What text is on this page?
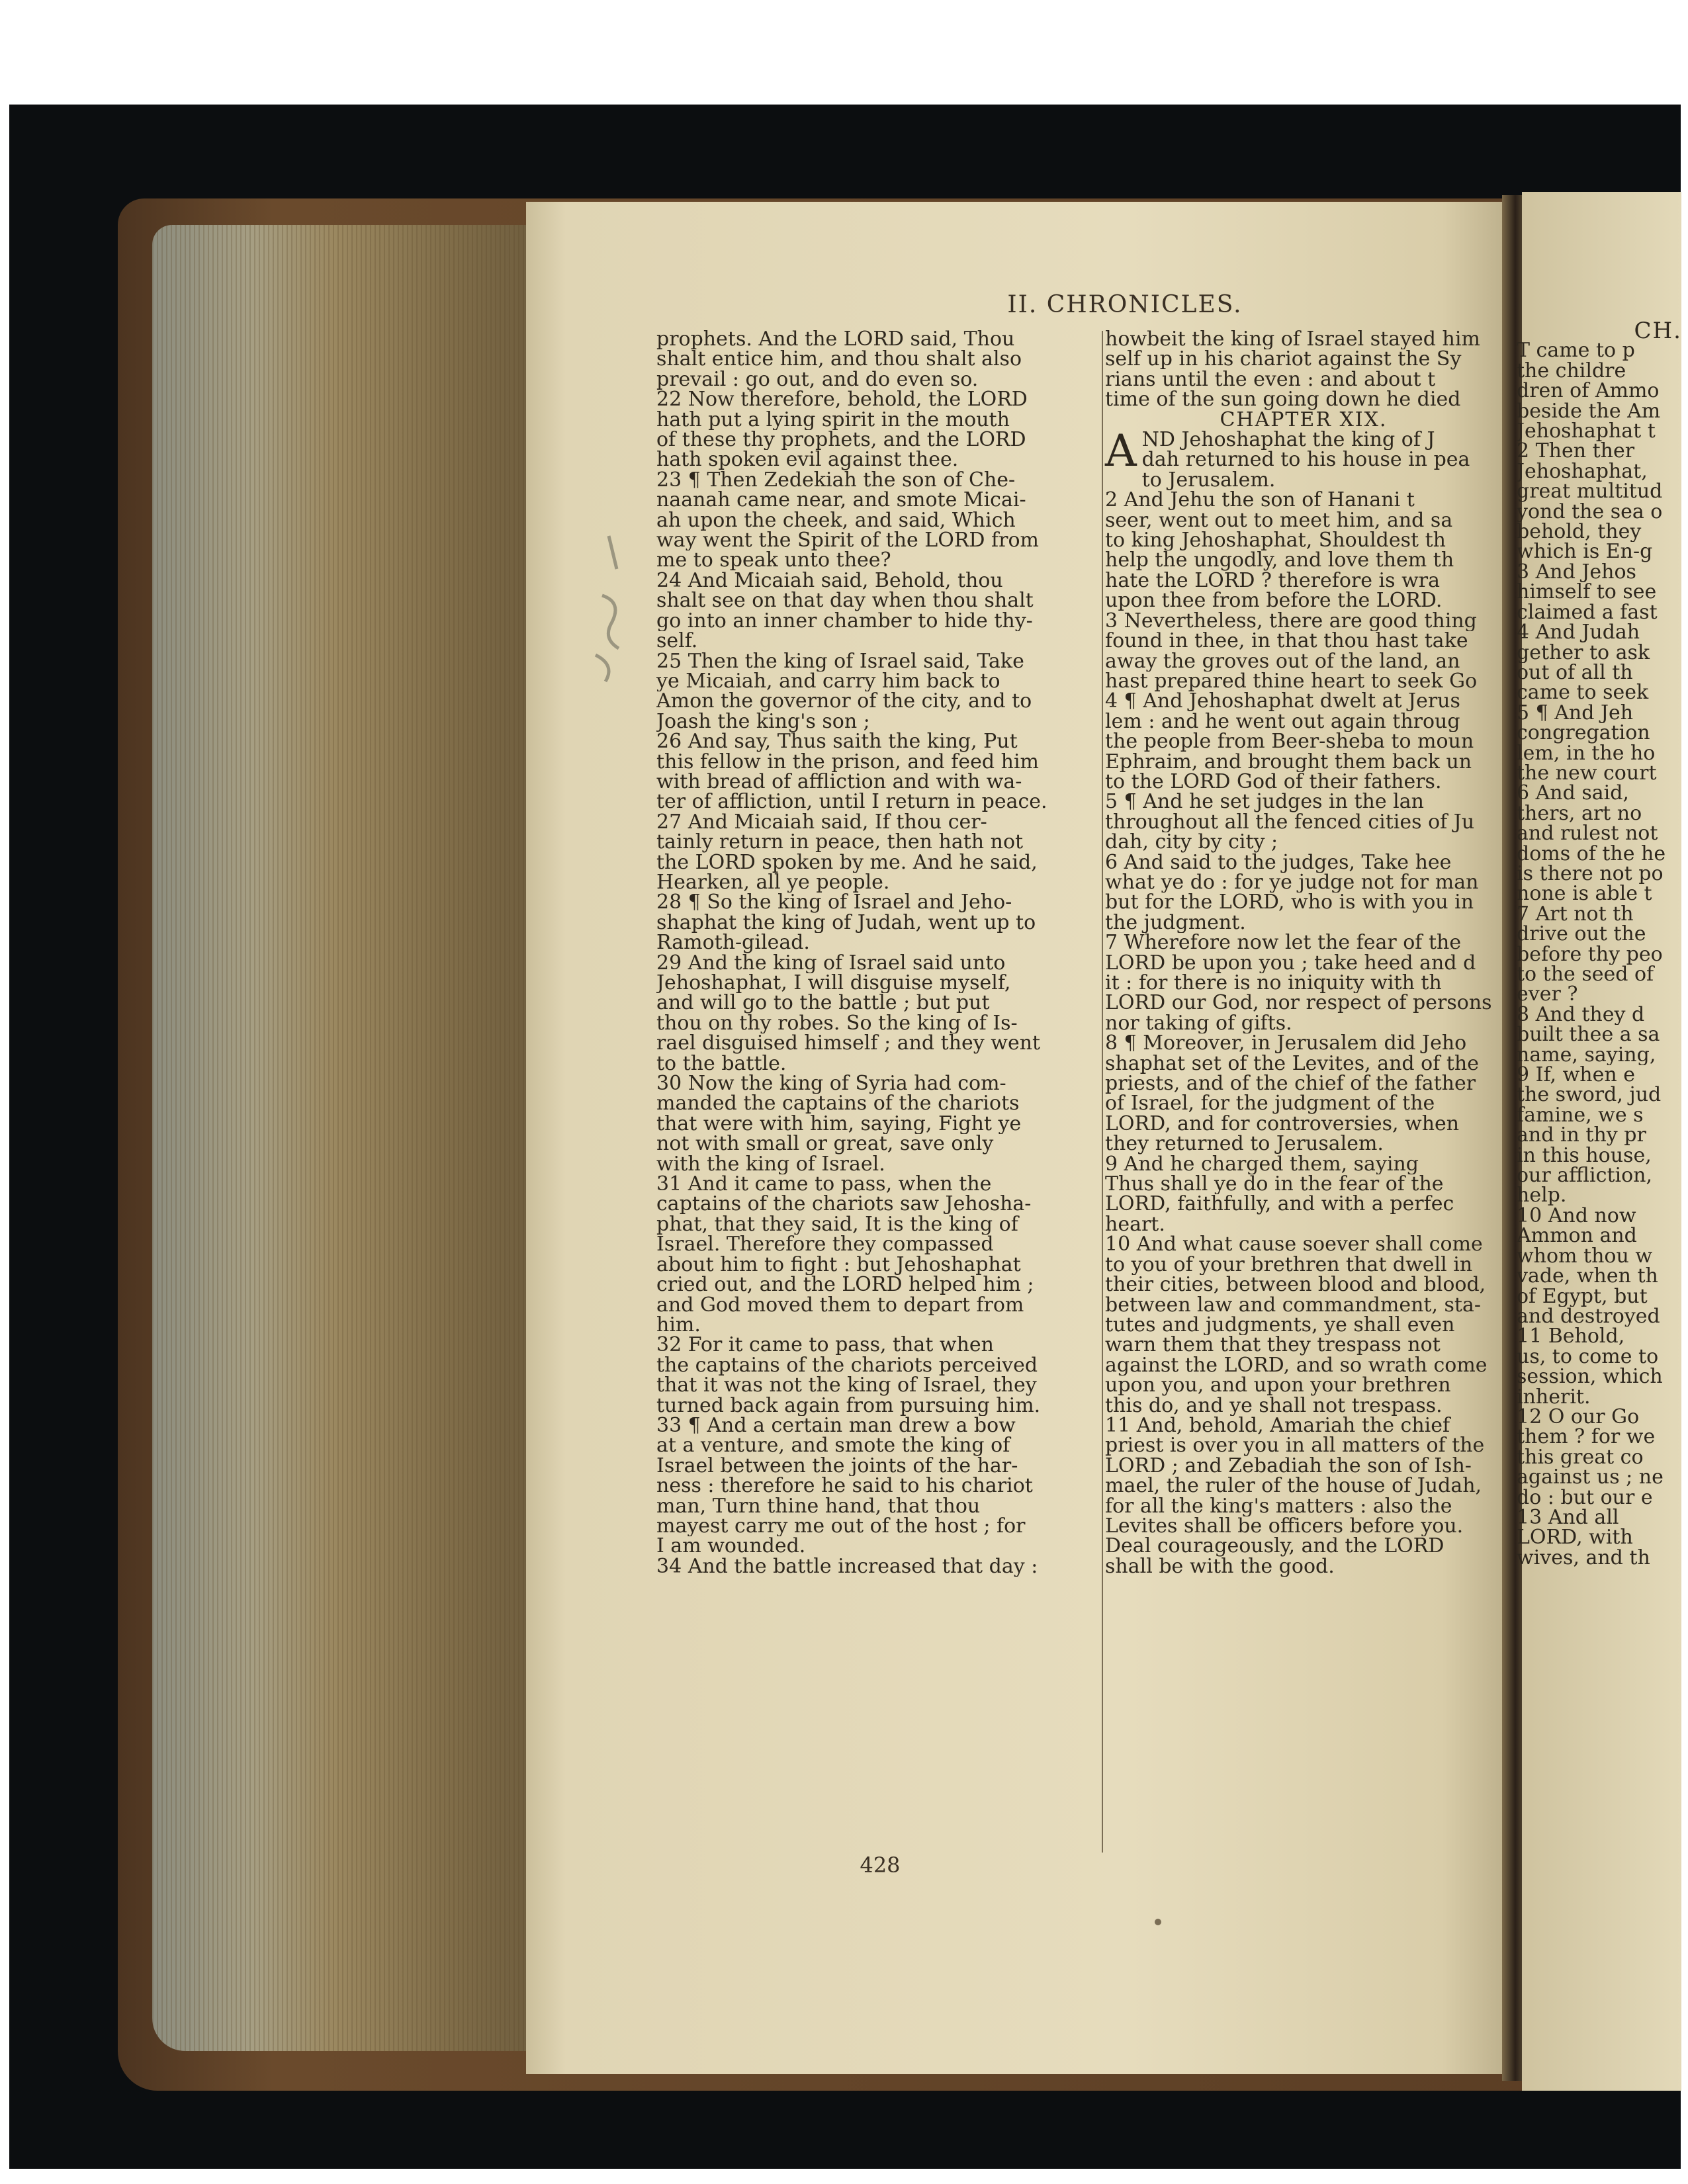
II. CHRONICLES.
prophets. And the LORD said, Thou
shalt entice him, and thou shalt also
prevail : go out, and do even so.
22 Now therefore, behold, the LORD
hath put a lying spirit in the mouth
of these thy prophets, and the LORD
hath spoken evil against thee.
23 ¶ Then Zedekiah the son of Che-
naanah came near, and smote Micai-
ah upon the cheek, and said, Which
way went the Spirit of the LORD from
me to speak unto thee?
24 And Micaiah said, Behold, thou
shalt see on that day when thou shalt
go into an inner chamber to hide thy-
self.
25 Then the king of Israel said, Take
ye Micaiah, and carry him back to
Amon the governor of the city, and to
Joash the king's son ;
26 And say, Thus saith the king, Put
this fellow in the prison, and feed him
with bread of affliction and with wa-
ter of affliction, until I return in peace.
27 And Micaiah said, If thou cer-
tainly return in peace, then hath not
the LORD spoken by me. And he said,
Hearken, all ye people.
28 ¶ So the king of Israel and Jeho-
shaphat the king of Judah, went up to
Ramoth-gilead.
29 And the king of Israel said unto
Jehoshaphat, I will disguise myself,
and will go to the battle ; but put
thou on thy robes. So the king of Is-
rael disguised himself ; and they went
to the battle.
30 Now the king of Syria had com-
manded the captains of the chariots
that were with him, saying, Fight ye
not with small or great, save only
with the king of Israel.
31 And it came to pass, when the
captains of the chariots saw Jehosha-
phat, that they said, It is the king of
Israel. Therefore they compassed
about him to fight : but Jehoshaphat
cried out, and the LORD helped him ;
and God moved them to depart from
him.
32 For it came to pass, that when
the captains of the chariots perceived
that it was not the king of Israel, they
turned back again from pursuing him.
33 ¶ And a certain man drew a bow
at a venture, and smote the king of
Israel between the joints of the har-
ness : therefore he said to his chariot
man, Turn thine hand, that thou
mayest carry me out of the host ; for
I am wounded.
34 And the battle increased that day :
howbeit the king of Israel stayed him
self up in his chariot against the Sy
rians until the even : and about t
time of the sun going down he died
CHAPTER XIX.
A ND Jehoshaphat the king of J
dah returned to his house in pea
to Jerusalem.
2 And Jehu the son of Hanani t
seer, went out to meet him, and sa
to king Jehoshaphat, Shouldest th
help the ungodly, and love them th
hate the LORD ? therefore is wra
upon thee from before the LORD.
3 Nevertheless, there are good thing
found in thee, in that thou hast take
away the groves out of the land, an
hast prepared thine heart to seek Go
4 ¶ And Jehoshaphat dwelt at Jerus
lem : and he went out again throug
the people from Beer-sheba to moun
Ephraim, and brought them back un
to the LORD God of their fathers.
5 ¶ And he set judges in the lan
throughout all the fenced cities of Ju
dah, city by city ;
6 And said to the judges, Take hee
what ye do : for ye judge not for man
but for the LORD, who is with you in
the judgment.
7 Wherefore now let the fear of the
LORD be upon you ; take heed and d
it : for there is no iniquity with th
LORD our God, nor respect of persons
nor taking of gifts.
8 ¶ Moreover, in Jerusalem did Jeho
shaphat set of the Levites, and of the
priests, and of the chief of the father
of Israel, for the judgment of the
LORD, and for controversies, when
they returned to Jerusalem.
9 And he charged them, saying
Thus shall ye do in the fear of the
LORD, faithfully, and with a perfec
heart.
10 And what cause soever shall come
to you of your brethren that dwell in
their cities, between blood and blood,
between law and commandment, sta-
tutes and judgments, ye shall even
warn them that they trespass not
against the LORD, and so wrath come
upon you, and upon your brethren
this do, and ye shall not trespass.
11 And, behold, Amariah the chief
priest is over you in all matters of the
LORD ; and Zebadiah the son of Ish-
mael, the ruler of the house of Judah,
for all the king's matters : also the
Levites shall be officers before you.
Deal courageously, and the LORD
shall be with the good.
CH.
T came to p
the childre
dren of Ammo
beside the Am
Jehoshaphat t
2 Then ther
Jehoshaphat,
great multitud
yond the sea o
behold, they
which is En-g
3 And Jehos
himself to see
claimed a fast
4 And Judah
gether to ask
out of all th
came to seek
5 ¶ And Jeh
congregation
lem, in the ho
the new court
6 And said,
thers, art no
and rulest not
doms of the he
is there not po
none is able t
7 Art not th
drive out the
before thy peo
to the seed of
ever ?
8 And they d
built thee a sa
name, saying,
9 If, when e
the sword, jud
famine, we s
and in thy pr
in this house,
our affliction,
help.
10 And now
Ammon and
whom thou w
vade, when th
of Egypt, but
and destroyed
11 Behold,
us, to come to
session, which
inherit.
12 O our Go
them ? for we
this great co
against us ; ne
do : but our e
13 And all
LORD, with
wives, and th
428
